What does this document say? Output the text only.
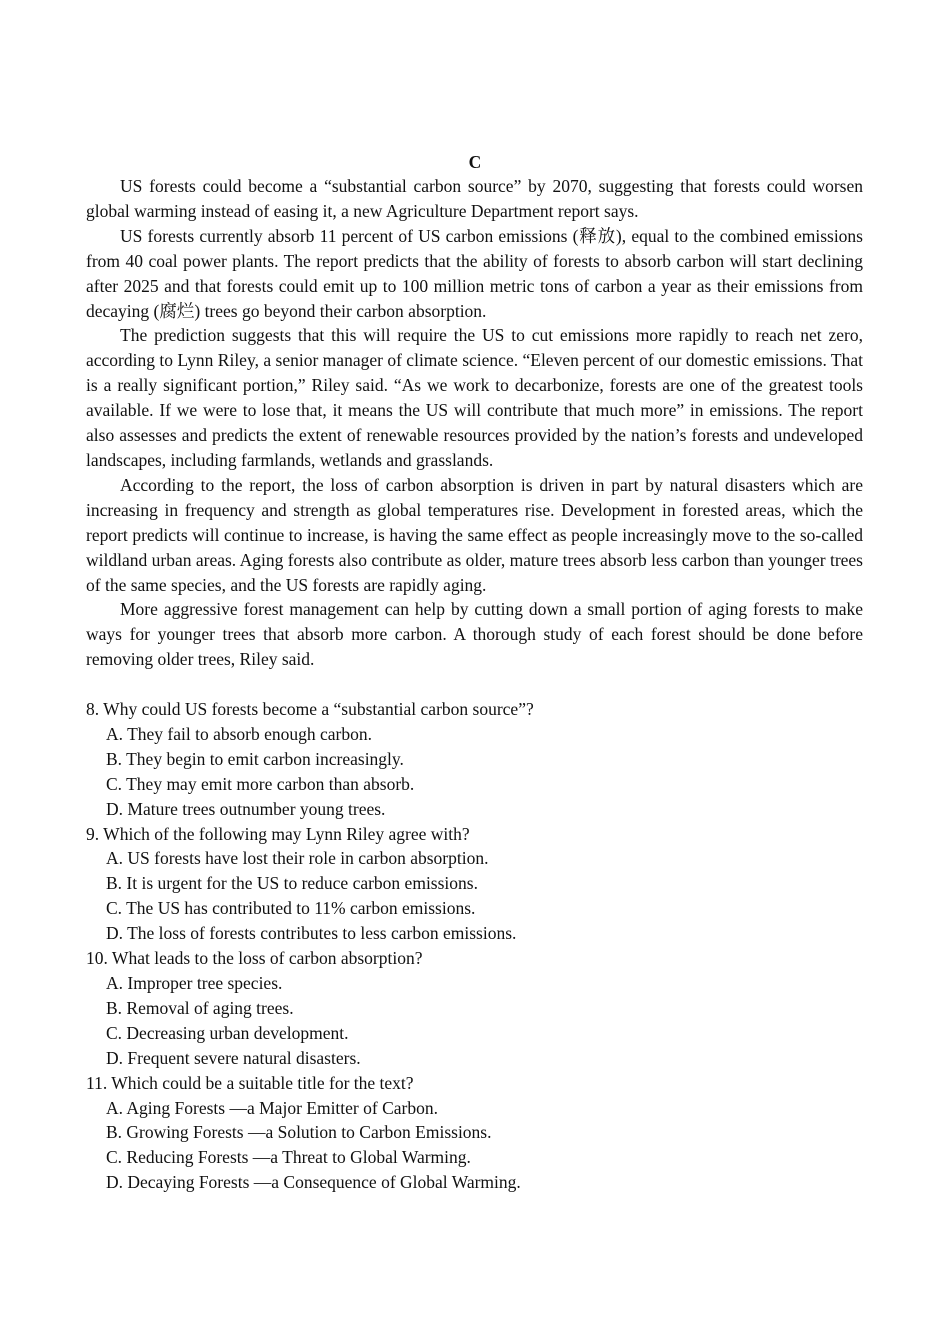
C

US forests could become a “substantial carbon source” by 2070, suggesting that forests could worsen global warming instead of easing it, a new Agriculture Department report says.

US forests currently absorb 11 percent of US carbon emissions (释放), equal to the combined emissions from 40 coal power plants. The report predicts that the ability of forests to absorb carbon will start declining after 2025 and that forests could emit up to 100 million metric tons of carbon a year as their emissions from decaying (腐烂) trees go beyond their carbon absorption.

The prediction suggests that this will require the US to cut emissions more rapidly to reach net zero, according to Lynn Riley, a senior manager of climate science. “Eleven percent of our domestic emissions. That is a really significant portion,” Riley said. “As we work to decarbonize, forests are one of the greatest tools available. If we were to lose that, it means the US will contribute that much more” in emissions. The report also assesses and predicts the extent of renewable resources provided by the nation’s forests and undeveloped landscapes, including farmlands, wetlands and grasslands.

According to the report, the loss of carbon absorption is driven in part by natural disasters which are increasing in frequency and strength as global temperatures rise. Development in forested areas, which the report predicts will continue to increase, is having the same effect as people increasingly move to the so-called wildland urban areas. Aging forests also contribute as older, mature trees absorb less carbon than younger trees of the same species, and the US forests are rapidly aging.

More aggressive forest management can help by cutting down a small portion of aging forests to make ways for younger trees that absorb more carbon. A thorough study of each forest should be done before removing older trees, Riley said.

8. Why could US forests become a “substantial carbon source”?
A. They fail to absorb enough carbon.
B. They begin to emit carbon increasingly.
C. They may emit more carbon than absorb.
D. Mature trees outnumber young trees.
9. Which of the following may Lynn Riley agree with?
A. US forests have lost their role in carbon absorption.
B. It is urgent for the US to reduce carbon emissions.
C. The US has contributed to 11% carbon emissions.
D. The loss of forests contributes to less carbon emissions.
10. What leads to the loss of carbon absorption?
A. Improper tree species.
B. Removal of aging trees.
C. Decreasing urban development.
D. Frequent severe natural disasters.
11. Which could be a suitable title for the text?
A. Aging Forests —a Major Emitter of Carbon.
B. Growing Forests —a Solution to Carbon Emissions.
C. Reducing Forests —a Threat to Global Warming.
D. Decaying Forests —a Consequence of Global Warming.
